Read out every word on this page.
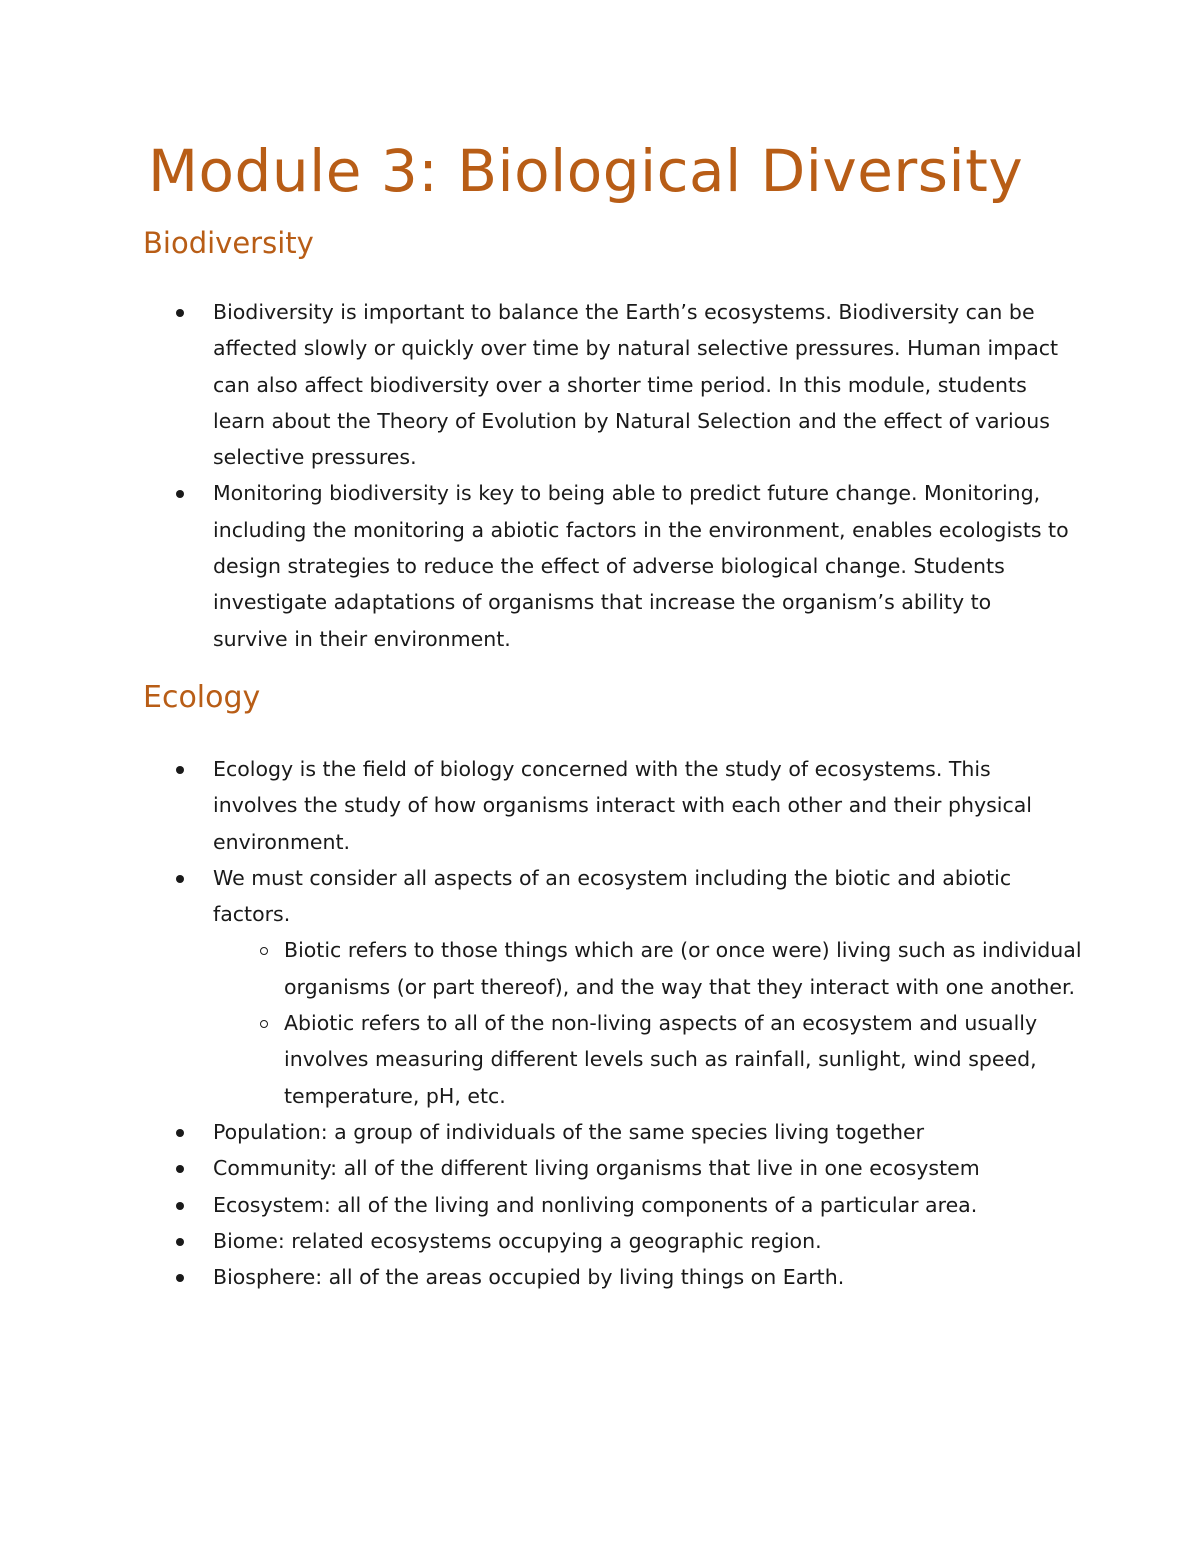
Module 3: Biological Diversity
Biodiversity
Biodiversity is important to balance the Earth’s ecosystems. Biodiversity can be affected slowly or quickly over time by natural selective pressures. Human impact can also affect biodiversity over a shorter time period. In this module, students learn about the Theory of Evolution by Natural Selection and the effect of various selective pressures.
Monitoring biodiversity is key to being able to predict future change. Monitoring, including the monitoring a abiotic factors in the environment, enables ecologists to design strategies to reduce the effect of adverse biological change. Students investigate adaptations of organisms that increase the organism’s ability to survive in their environment.
Ecology
Ecology is the field of biology concerned with the study of ecosystems. This involves the study of how organisms interact with each other and their physical environment.
We must consider all aspects of an ecosystem including the biotic and abiotic factors.
Biotic refers to those things which are (or once were) living such as individual organisms (or part thereof), and the way that they interact with one another.
Abiotic refers to all of the non-living aspects of an ecosystem and usually involves measuring different levels such as rainfall, sunlight, wind speed, temperature, pH, etc.
Population: a group of individuals of the same species living together
Community: all of the different living organisms that live in one ecosystem
Ecosystem: all of the living and nonliving components of a particular area.
Biome: related ecosystems occupying a geographic region.
Biosphere: all of the areas occupied by living things on Earth.
